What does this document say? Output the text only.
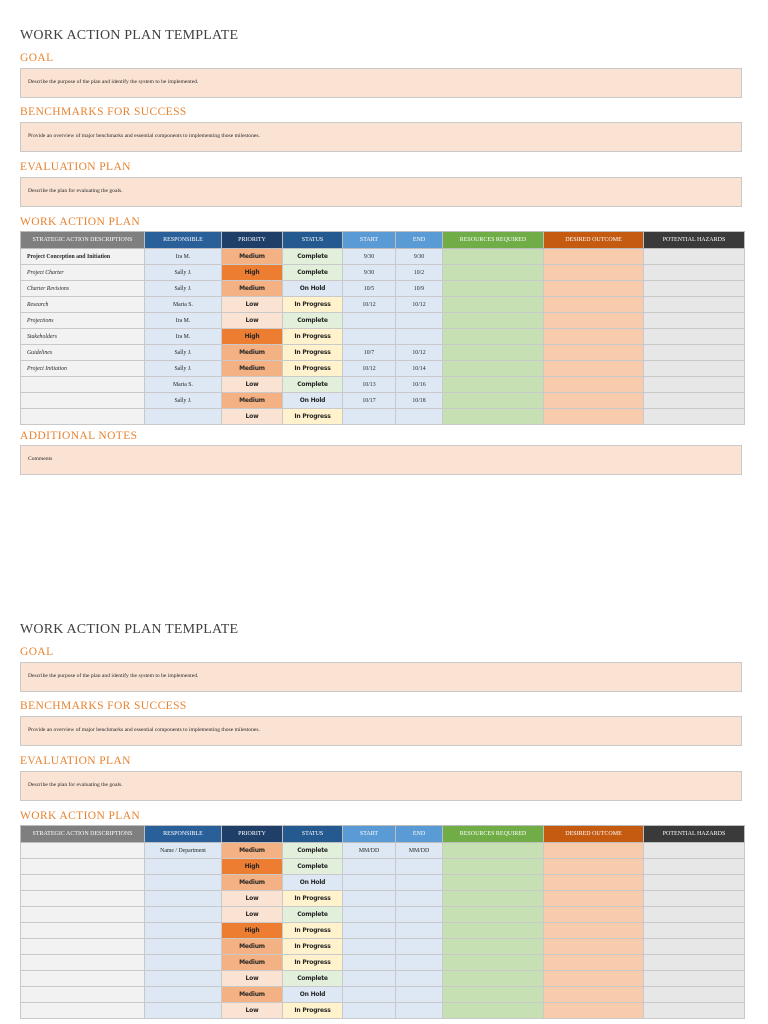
WORK ACTION PLAN TEMPLATE
GOAL
Describe the purpose of the plan and identify the system to be implemented.
BENCHMARKS FOR SUCCESS
Provide an overview of major benchmarks and essential components to implementing those milestones.
EVALUATION PLAN
Describe the plan for evaluating the goals.
WORK ACTION PLAN
STRATEGIC ACTION DESCRIPTIONS	RESPONSIBLE	PRIORITY	STATUS	START	END	RESOURCES REQUIRED	DESIRED OUTCOME	POTENTIAL HAZARDS
Project Conception and Initiation	Ira M.	Medium	Complete	9/30	9/30			
Project Charter	Sally J.	High	Complete	9/30	10/2			
Charter Revisions	Sally J.	Medium	On Hold	10/5	10/9			
Research	Maria S.	Low	In Progress	10/12	10/12			
Projections	Ira M.	Low	Complete					
Stakeholders	Ira M.	High	In Progress					
Guidelines	Sally J.	Medium	In Progress	10/7	10/12			
Project Initiation	Sally J.	Medium	In Progress	10/12	10/14			
	Maria S.	Low	Complete	10/13	10/16			
	Sally J.	Medium	On Hold	10/17	10/18			
		Low	In Progress					
ADDITIONAL NOTES
Comments
WORK ACTION PLAN TEMPLATE
GOAL
Describe the purpose of the plan and identify the system to be implemented.
BENCHMARKS FOR SUCCESS
Provide an overview of major benchmarks and essential components to implementing those milestones.
EVALUATION PLAN
Describe the plan for evaluating the goals.
WORK ACTION PLAN
STRATEGIC ACTION DESCRIPTIONS	RESPONSIBLE	PRIORITY	STATUS	START	END	RESOURCES REQUIRED	DESIRED OUTCOME	POTENTIAL HAZARDS
	Name / Department	Medium	Complete	MM/DD	MM/DD			
		High	Complete					
		Medium	On Hold					
		Low	In Progress					
		Low	Complete					
		High	In Progress					
		Medium	In Progress					
		Medium	In Progress					
		Low	Complete					
		Medium	On Hold					
		Low	In Progress					
